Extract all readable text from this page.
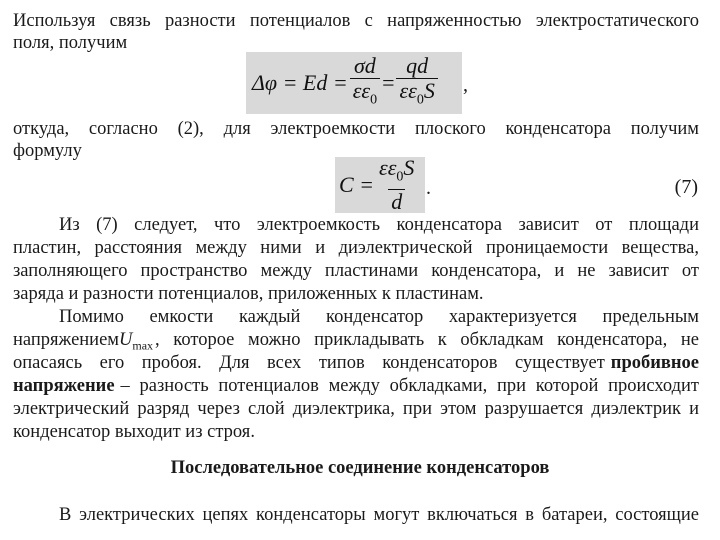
Используя связь разности потенциалов с напряженностью электростатического
поля, получим
$\Delta\varphi = Ed = \frac{\sigma d}{\varepsilon\varepsilon_0} = \frac{qd}{\varepsilon\varepsilon_0S}$ ,
откуда, согласно (2), для электроемкости плоского конденсатора получим
формулу
$C = \frac{\varepsilon\varepsilon_0S}{d}$ .	(7)
Из (7) следует, что электроемкость конденсатора зависит от площади
пластин, расстояния между ними и диэлектрической проницаемости вещества,
заполняющего пространство между пластинами конденсатора, и не зависит от
заряда и разности потенциалов, приложенных к пластинам.
Помимо емкости каждый конденсатор характеризуется предельным
напряжением $U_{max}$ , которое можно прикладывать к обкладкам конденсатора, не
опасаясь его пробоя. Для всех типов конденсаторов существует пробивное
напряжение – разность потенциалов между обкладками, при которой происходит
электрический разряд через слой диэлектрика, при этом разрушается диэлектрик и
конденсатор выходит из строя.
Последовательное соединение конденсаторов
В электрических цепях конденсаторы могут включаться в батареи, состоящие
